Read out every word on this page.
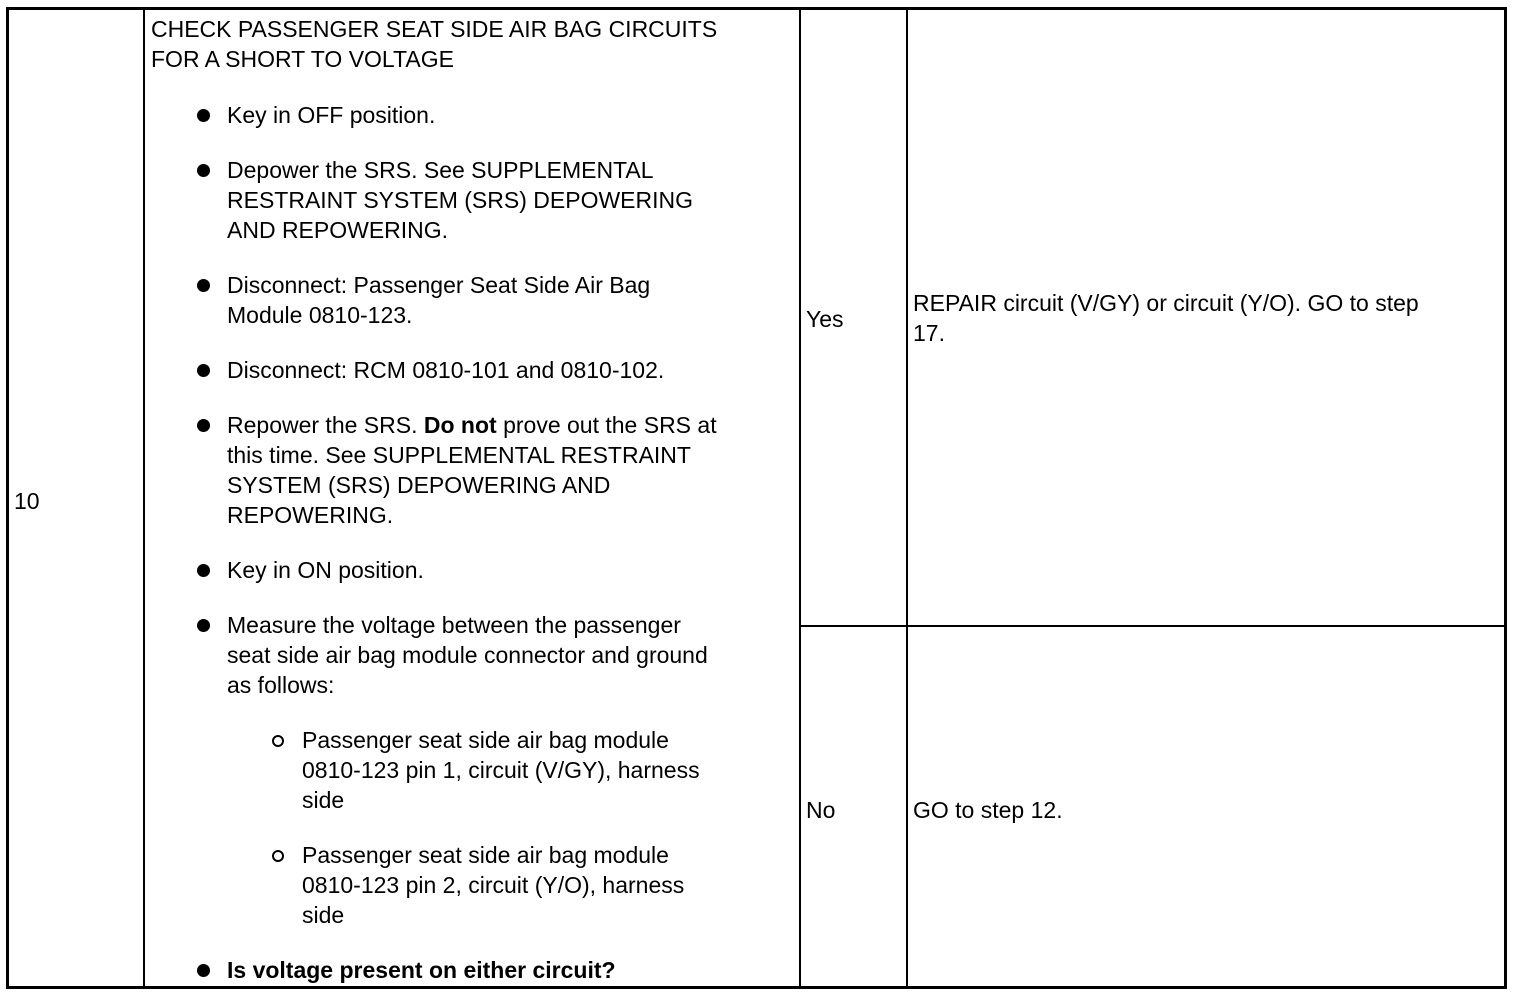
10
CHECK PASSENGER SEAT SIDE AIR BAG CIRCUITS
FOR A SHORT TO VOLTAGE
Key in OFF position.
Depower the SRS. See SUPPLEMENTAL
RESTRAINT SYSTEM (SRS) DEPOWERING
AND REPOWERING.
Disconnect: Passenger Seat Side Air Bag
Module 0810-123.
Disconnect: RCM 0810-101 and 0810-102.
Repower the SRS. Do not prove out the SRS at
this time. See SUPPLEMENTAL RESTRAINT
SYSTEM (SRS) DEPOWERING AND
REPOWERING.
Key in ON position.
Measure the voltage between the passenger
seat side air bag module connector and ground
as follows:
Passenger seat side air bag module
0810-123 pin 1, circuit (V/GY), harness
side
Passenger seat side air bag module
0810-123 pin 2, circuit (Y/O), harness
side
Is voltage present on either circuit?
Yes
REPAIR circuit (V/GY) or circuit (Y/O). GO to step
17.
No	GO to step 12.
